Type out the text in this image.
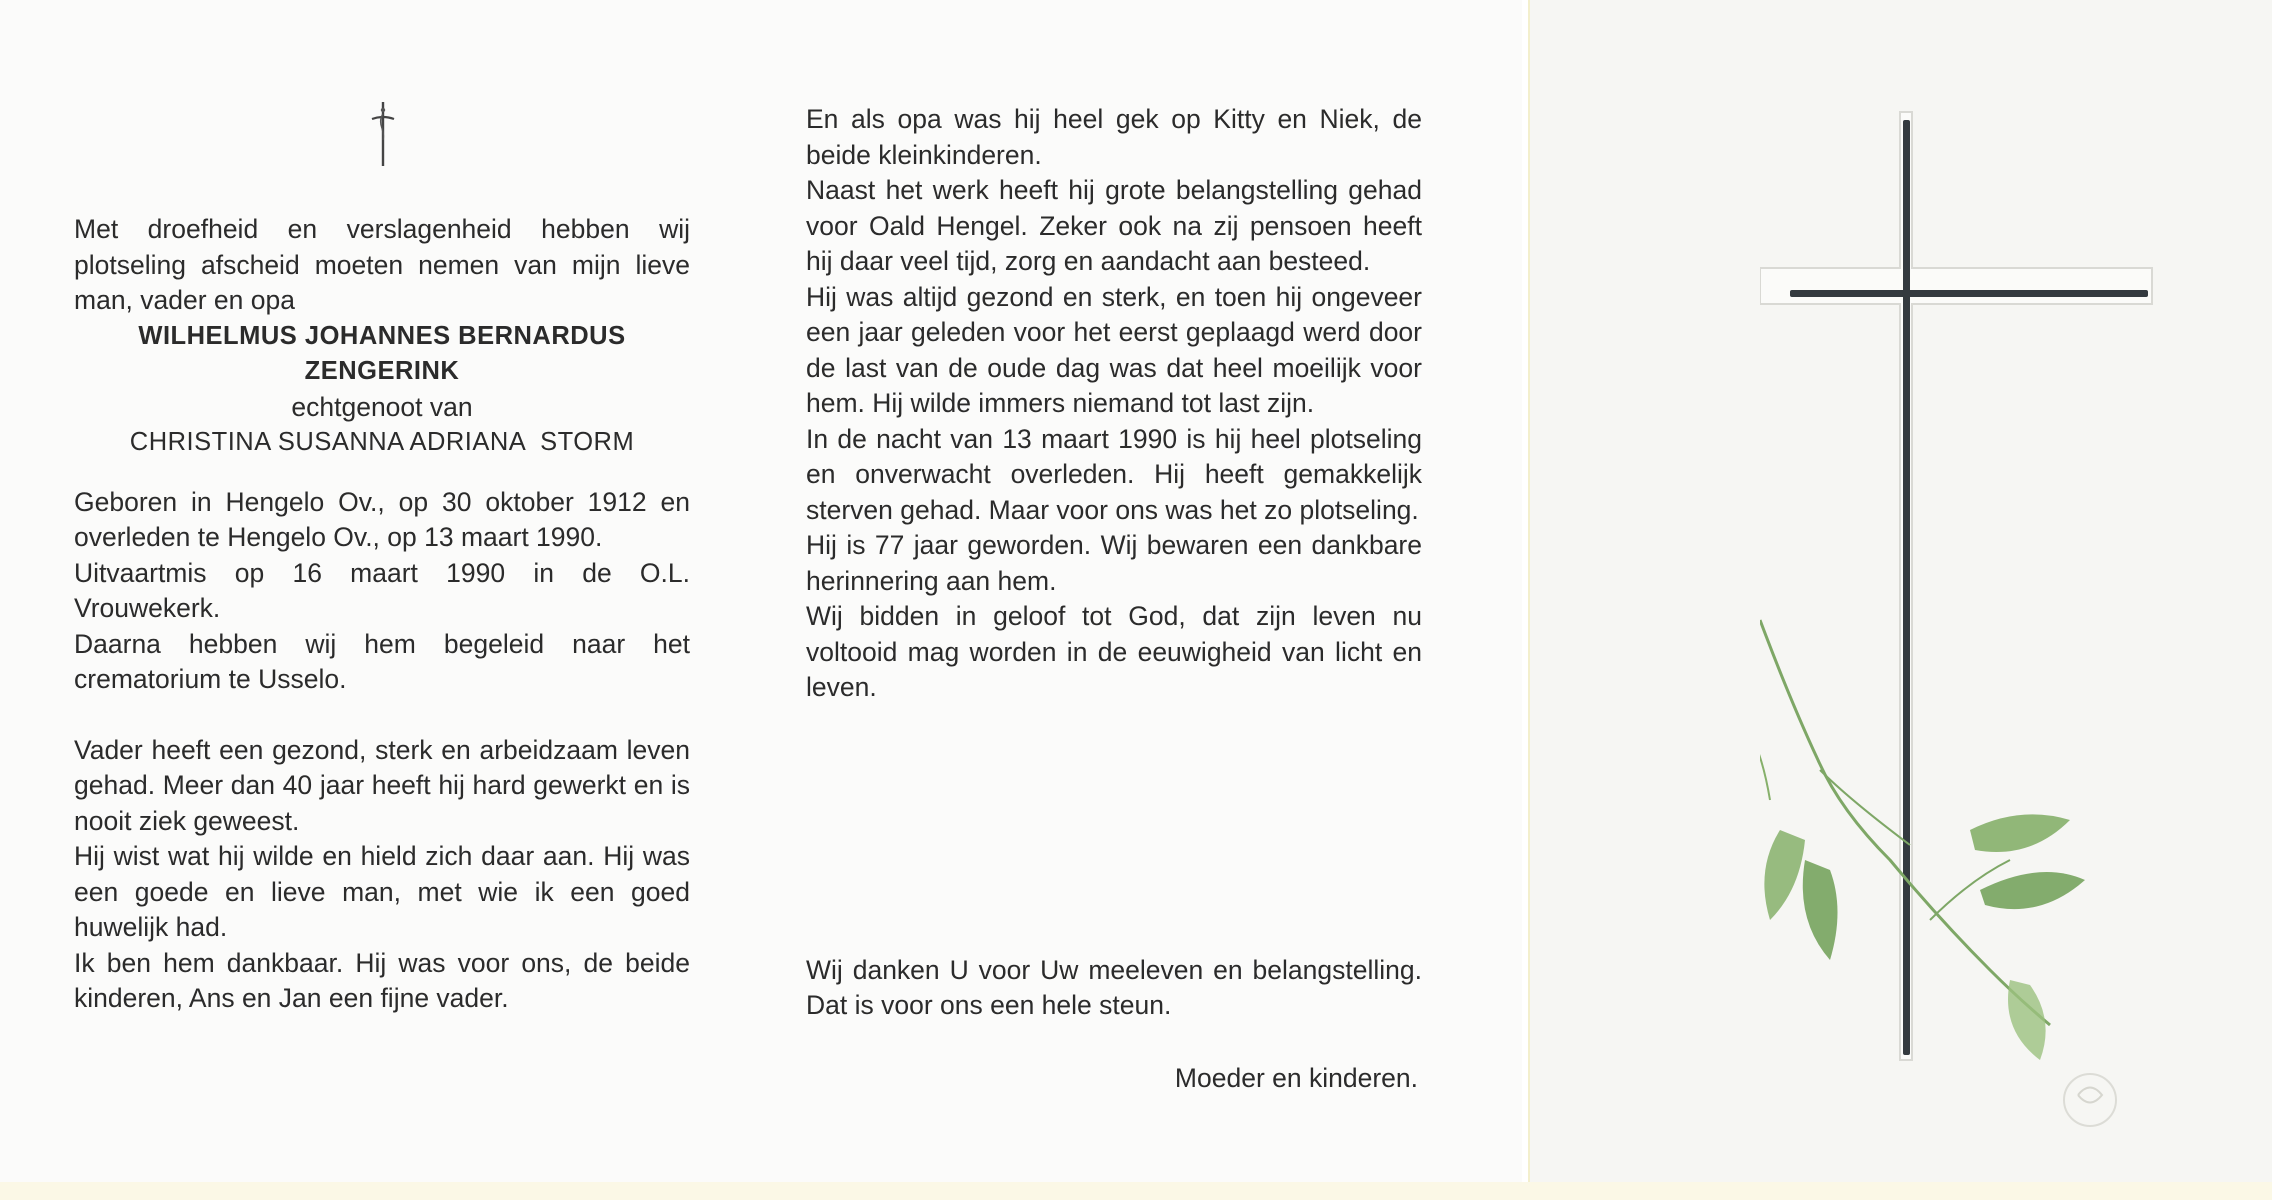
Met droefheid en verslagenheid hebben wij plotseling afscheid moeten nemen van mijn lieve man, vader en opa

WILHELMUS JOHANNES BERNARDUS

ZENGERINK

echtgenoot van

CHRISTINA SUSANNA ADRIANA  STORM

Geboren in Hengelo Ov., op 30 oktober 1912 en overleden te Hengelo Ov., op 13 maart 1990.

Uitvaartmis op 16 maart 1990 in de O.L. Vrouwekerk.

Daarna hebben wij hem begeleid naar het crematorium te Usselo.

Vader heeft een gezond, sterk en arbeidzaam leven gehad. Meer dan 40 jaar heeft hij hard gewerkt en is nooit ziek geweest.

Hij wist wat hij wilde en hield zich daar aan. Hij was een goede en lieve man, met wie ik een goed huwelijk had.

Ik ben hem dankbaar. Hij was voor ons, de beide kinderen, Ans en Jan een fijne vader.

En als opa was hij heel gek op Kitty en Niek, de beide kleinkinderen.

Naast het werk heeft hij grote belangstelling gehad voor Oald Hengel. Zeker ook na zij pensoen heeft hij daar veel tijd, zorg en aandacht aan besteed.

Hij was altijd gezond en sterk, en toen hij ongeveer een jaar geleden voor het eerst geplaagd werd door de last van de oude dag was dat heel moeilijk voor hem. Hij wilde immers niemand tot last zijn.

In de nacht van 13 maart 1990 is hij heel plotseling en onverwacht overleden. Hij heeft gemakkelijk sterven gehad. Maar voor ons was het zo plotseling.

Hij is 77 jaar geworden. Wij bewaren een dankbare herinnering aan hem.

Wij bidden in geloof tot God, dat zijn leven nu voltooid mag worden in de eeuwigheid van licht en leven.

Wij danken U voor Uw meeleven en belangstelling. Dat is voor ons een hele steun.

Moeder en kinderen.
